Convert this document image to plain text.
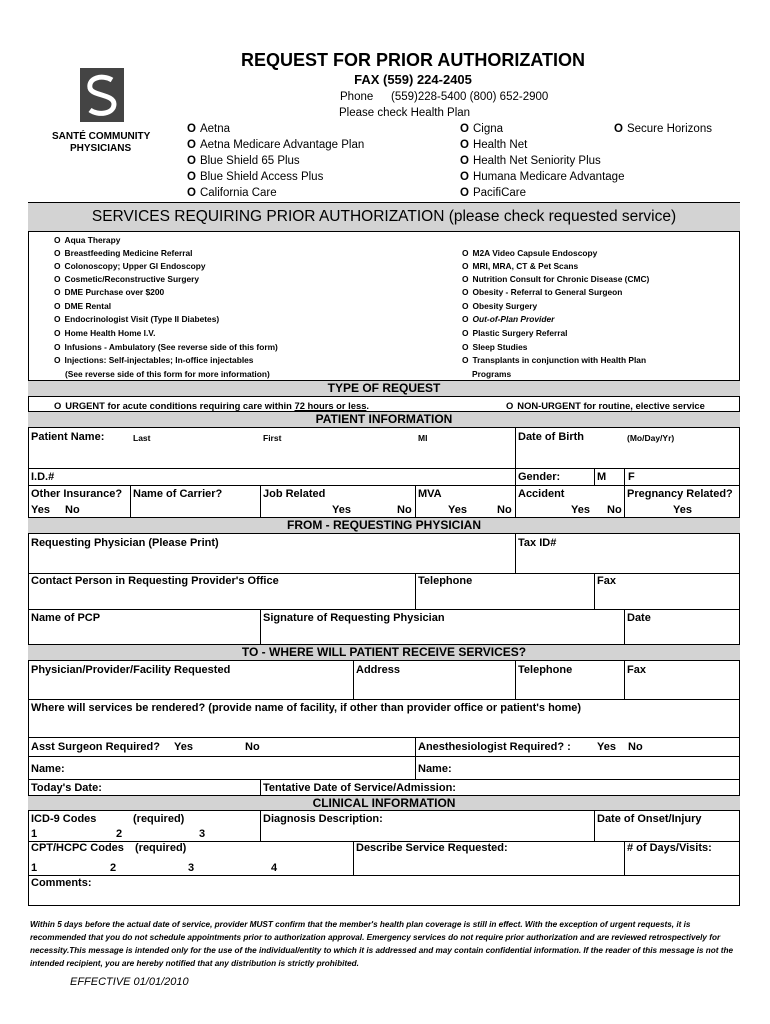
SANTÉ COMMUNITY
PHYSICIANS
REQUEST FOR PRIOR AUTHORIZATION
FAX (559) 224-2405
Phone (559)228-5400 (800) 652-2900
Please check Health Plan
O Aetna
O Aetna Medicare Advantage Plan
O Blue Shield 65 Plus
O Blue Shield Access Plus
O California Care
O Cigna
O Health Net
O Health Net Seniority Plus
O Humana Medicare Advantage
O PacifiCare
O Secure Horizons
SERVICES REQUIRING PRIOR AUTHORIZATION (please check requested service)
O Aqua Therapy
O Breastfeeding Medicine Referral
O Colonoscopy; Upper GI Endoscopy
O Cosmetic/Reconstructive Surgery
O DME Purchase over $200
O DME Rental
O Endocrinologist Visit (Type II Diabetes)
O Home Health Home I.V.
O Infusions - Ambulatory (See reverse side of this form)
O Injections: Self-injectables; In-office injectables
(See reverse side of this form for more information)
O M2A Video Capsule Endoscopy
O MRI, MRA, CT & Pet Scans
O Nutrition Consult for Chronic Disease (CMC)
O Obesity - Referral to General Surgeon
O Obesity Surgery
O Out-of-Plan Provider
O Plastic Surgery Referral
O Sleep Studies
O Transplants in conjunction with Health Plan
Programs
TYPE OF REQUEST
O URGENT for acute conditions requiring care within 72 hours or less.	O NON-URGENT for routine, elective service
PATIENT INFORMATION
Patient Name:	Last	First	MI	Date of Birth	(Mo/Day/Yr)
I.D.#	Gender:	M F
Other Insurance? Name of Carrier?	Job Related	MVA	Accident	Pregnancy Related?
Yes No	Yes	No	Yes	No	Yes No	Yes
FROM - REQUESTING PHYSICIAN
Requesting Physician (Please Print)	Tax ID#
Contact Person in Requesting Provider's Office	Telephone	Fax
Name of PCP	Signature of Requesting Physician	Date
TO - WHERE WILL PATIENT RECEIVE SERVICES?
Physician/Provider/Facility Requested	Address	Telephone	Fax
Where will services be rendered? (provide name of facility, if other than provider office or patient's home)
Asst Surgeon Required? Yes	No	Anesthesiologist Required? : Yes No
Name:	Name:
Today's Date:	Tentative Date of Service/Admission:
CLINICAL INFORMATION
ICD-9 Codes	(required)	Diagnosis Description:	Date of Onset/Injury
1	2	3
CPT/HCPC Codes (required)	Describe Service Requested:	# of Days/Visits:
1	2	3	4
Comments:
Within 5 days before the actual date of service, provider MUST confirm that the member's health plan coverage is still in effect. With the exception of urgent requests, it is recommended that you do not schedule appointments prior to authorization approval. Emergency services do not require prior authorization and are reviewed retrospectively for necessity.This message is intended only for the use of the individual/entity to which it is addressed and may contain confidential information. If the reader of this message is not the intended recipient, you are hereby notified that any distribution is strictly prohibited.
EFFECTIVE 01/01/2010
